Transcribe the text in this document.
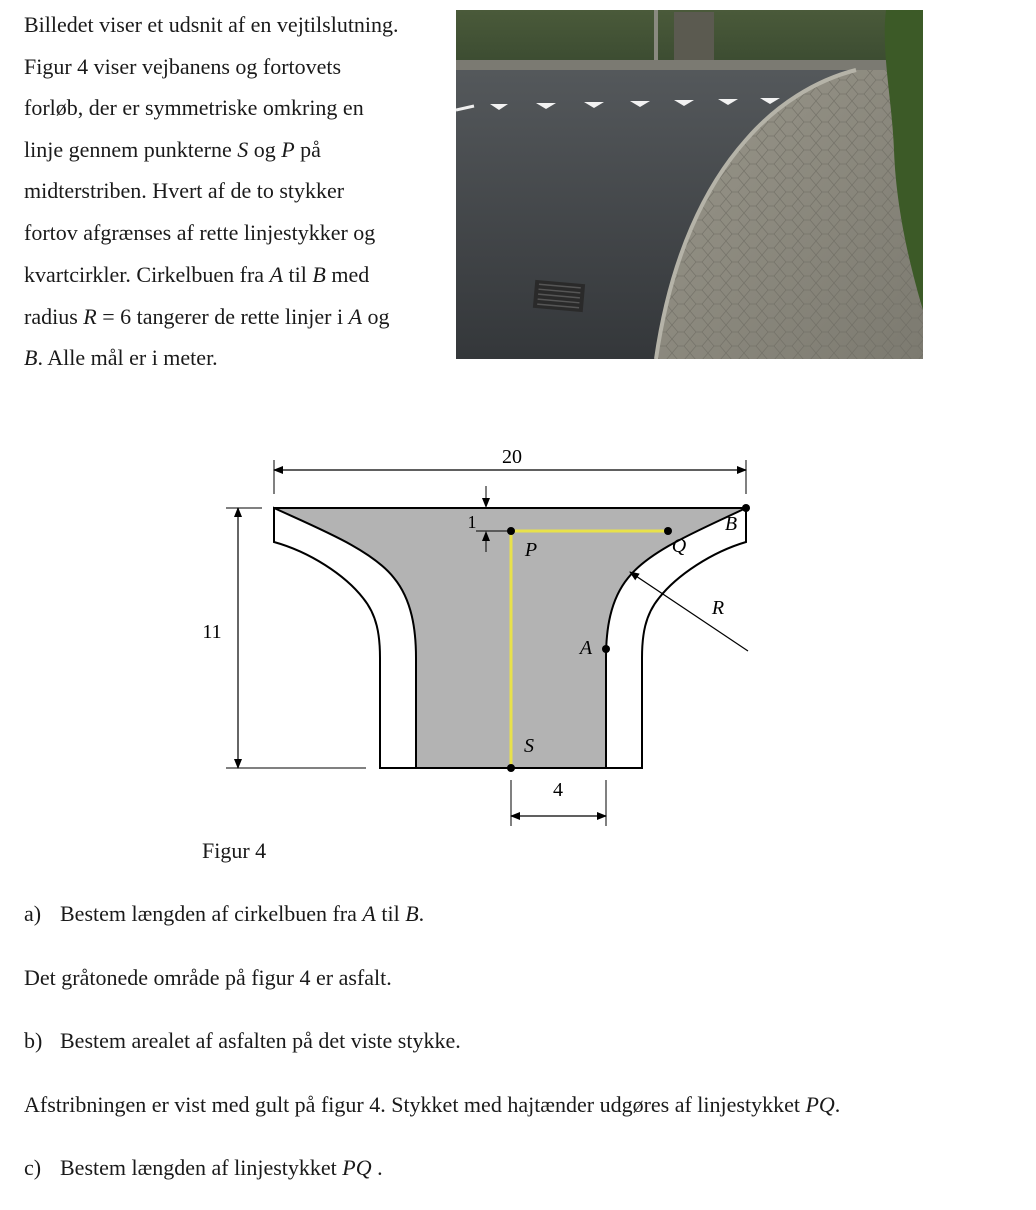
Billedet viser et udsnit af en vejtilslutning.
Figur 4 viser vejbanens og fortovets
forløb, der er symmetriske omkring en
linje gennem punkterne S og P på
midterstriben. Hvert af de to stykker
fortov afgrænses af rette linjestykker og
kvartcirkler. Cirkelbuen fra A til B med
radius R = 6 tangerer de rette linjer i A og
B. Alle mål er i meter.
20
11
1
4
R
B
Q
P
A
S
Figur 4
a) Bestem længden af cirkelbuen fra A til B.
Det gråtonede område på figur 4 er asfalt.
b) Bestem arealet af asfalten på det viste stykke.
Afstribningen er vist med gult på figur 4. Stykket med hajtænder udgøres af linjestykket PQ.
c) Bestem længden af linjestykket PQ .
